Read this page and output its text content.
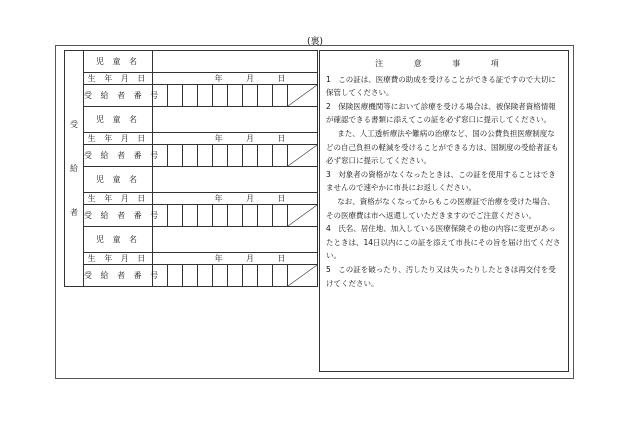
(裏)
受
給
者	児 童 名										
	生 年 月 日	年 月 日									

	受 給 者 番 号										

	児 童 名										
	生 年 月 日	年 月 日									

	受 給 者 番 号										

	児 童 名										
	生 年 月 日	年 月 日									

	受 給 者 番 号										

	児 童 名										
	生 年 月 日	年 月 日									

	受 給 者 番 号										
注 意 事 項

1　この証は、医療費の助成を受けることができる証ですので大切に保管してください。

2　保険医療機関等において診療を受ける場合は、被保険者資格情報が確認できる書類に添えてこの証を必ず窓口に提示してください。

また、人工透析療法や難病の治療など、国の公費負担医療制度などの自己負担の軽減を受けることができる方は、国制度の受給者証も必ず窓口に提示してください。

3　対象者の資格がなくなったときは、この証を使用することはできませんので速やかに市長にお返しください。

なお、資格がなくなってからもこの医療証で治療を受けた場合、その医療費は市へ返還していただきますのでご注意ください。

4　氏名、居住地、加入している医療保険その他の内容に変更があったときは、14日以内にこの証を添えて市長にその旨を届け出てください。

5　この証を破ったり、汚したり又は失ったりしたときは再交付を受けてください。
